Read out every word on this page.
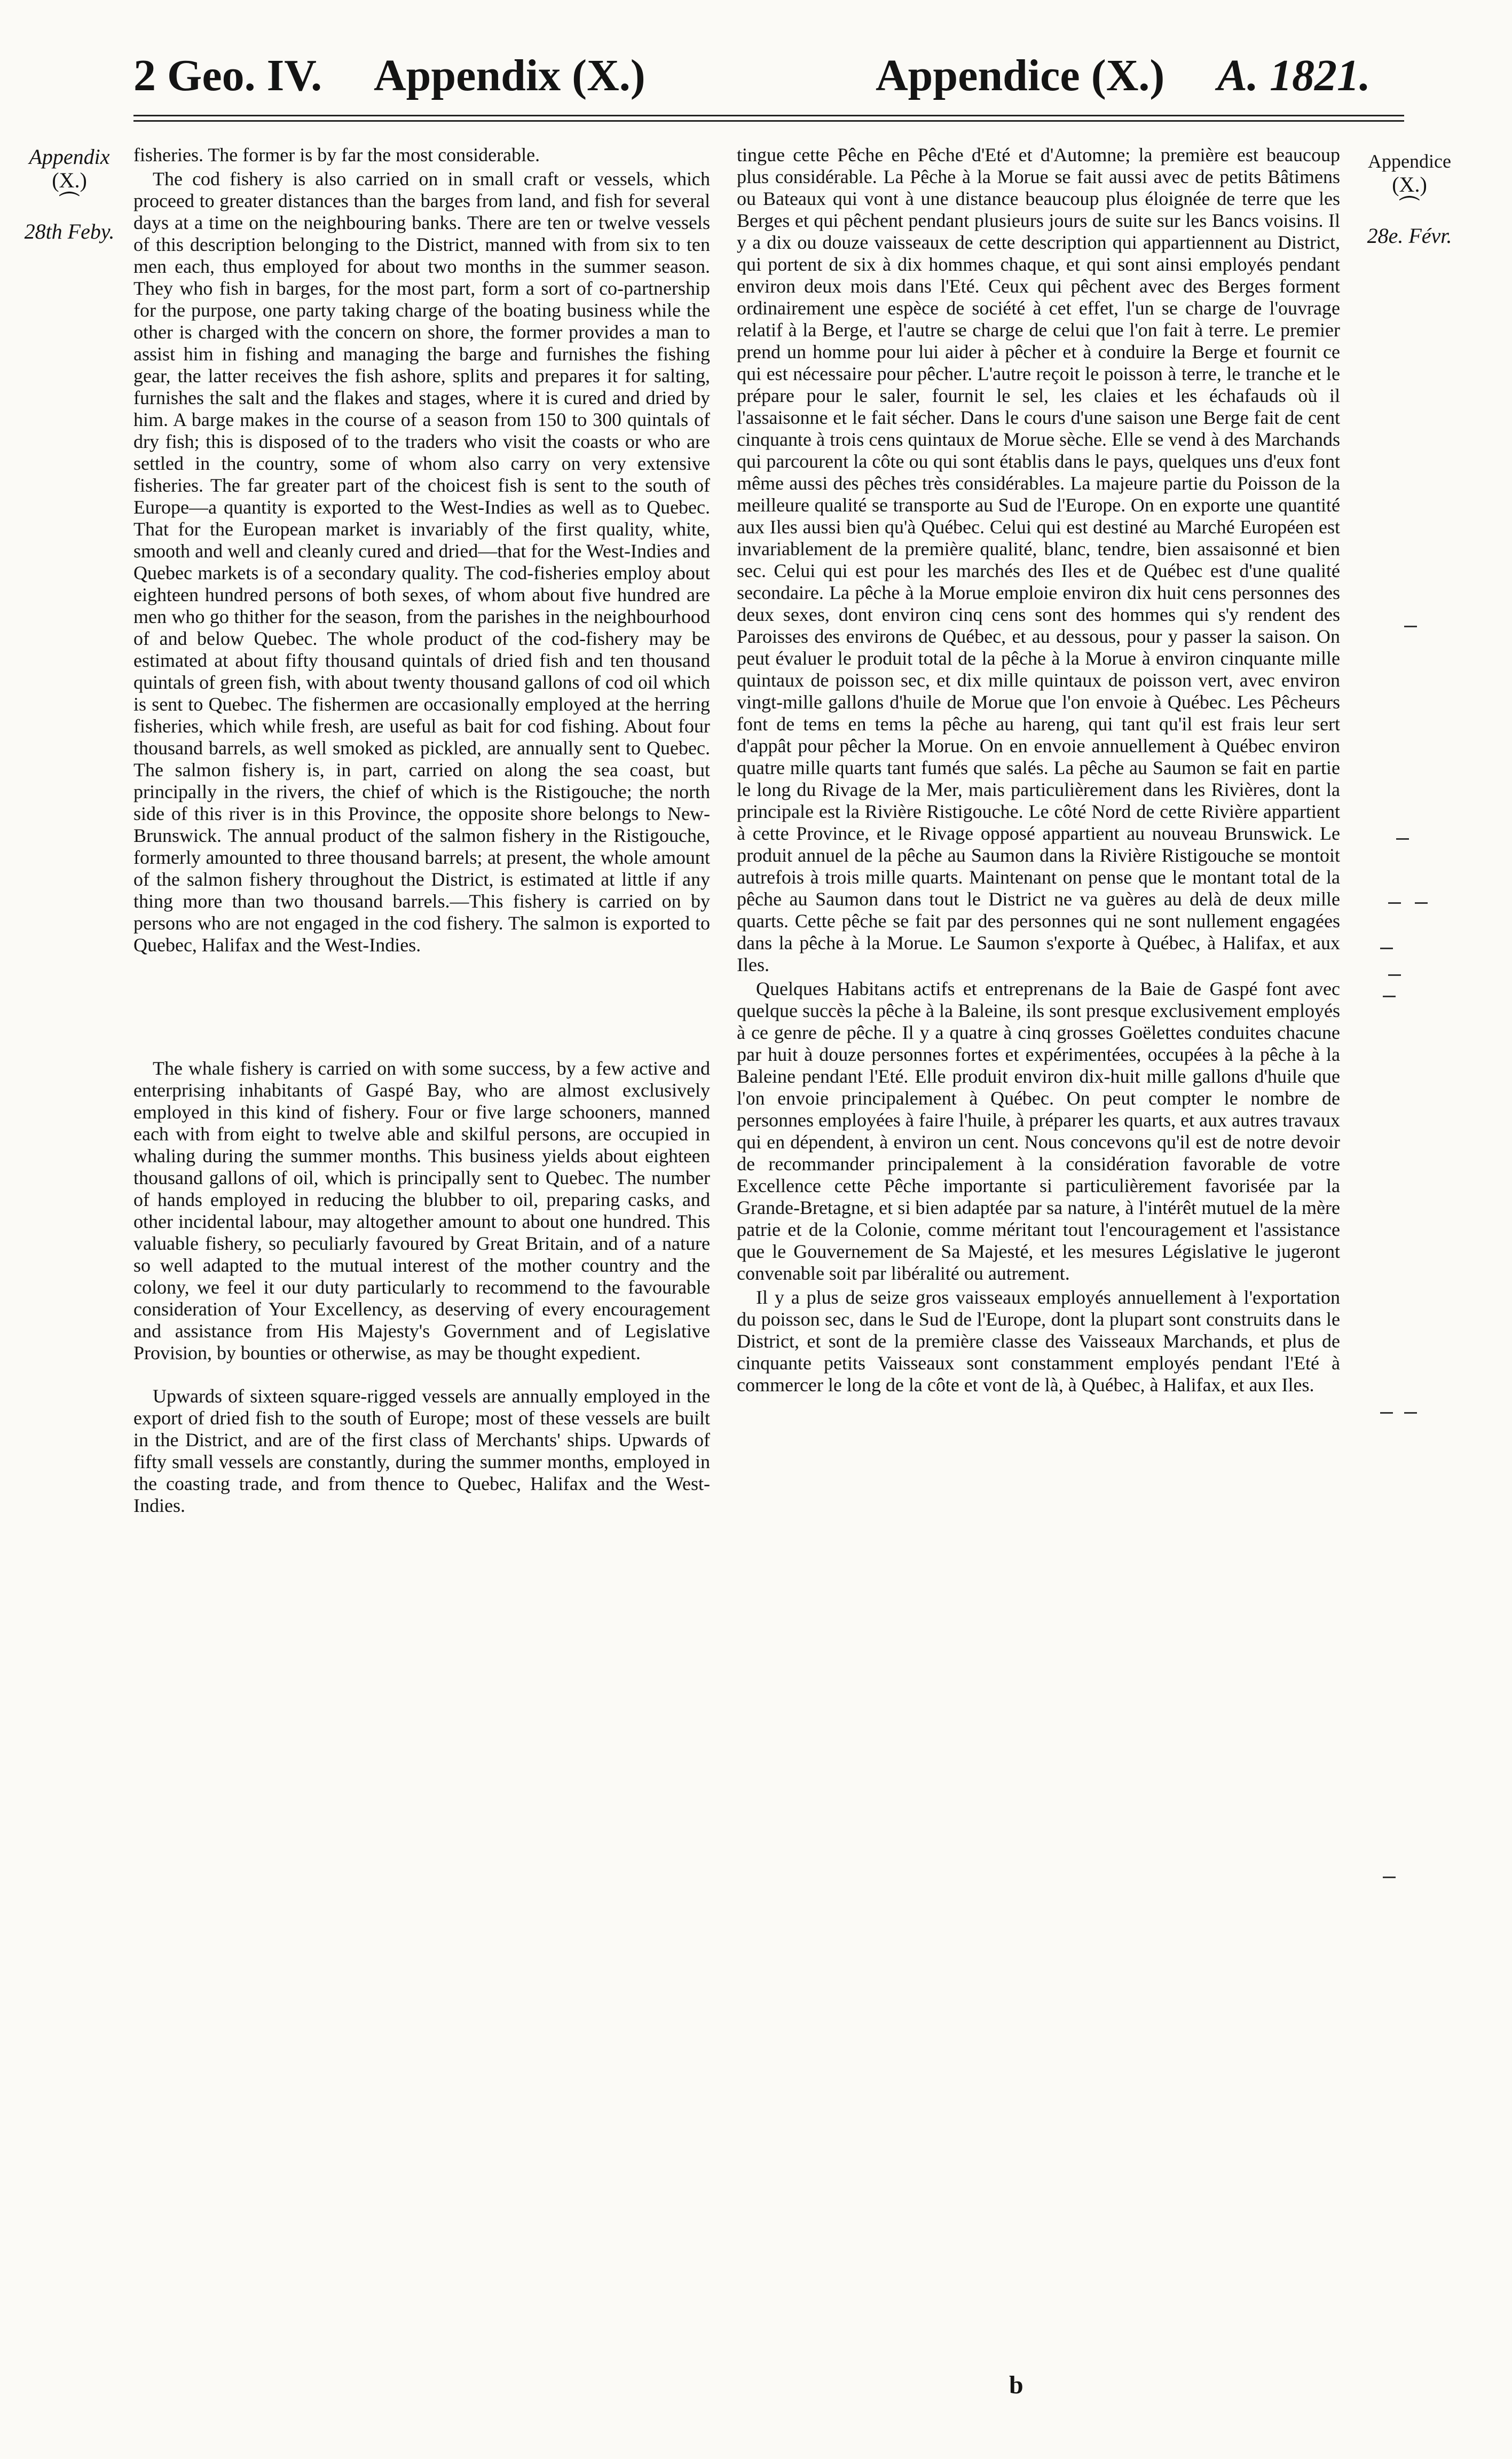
2 Geo. IV. Appendix (X.)	Appendice (X.) A. 1821.
Appendix
(X.)
⏜
28th Feby.
Appendice
(X.)
⏜
28e. Févr.

fisheries. The former is by far the most considerable.

The cod fishery is also carried on in small craft or vessels, which proceed to greater distances than the barges from land, and fish for several days at a time on the neighbouring banks. There are ten or twelve vessels of this description belonging to the District, manned with from six to ten men each, thus employed for about two months in the summer season. They who fish in barges, for the most part, form a sort of co-partnership for the purpose, one party taking charge of the boating business while the other is charged with the concern on shore, the former provides a man to assist him in fishing and managing the barge and furnishes the fishing gear, the latter receives the fish ashore, splits and prepares it for salting, furnishes the salt and the flakes and stages, where it is cured and dried by him. A barge makes in the course of a season from 150 to 300 quintals of dry fish; this is disposed of to the traders who visit the coasts or who are settled in the country, some of whom also carry on very extensive fisheries. The far greater part of the choicest fish is sent to the south of Europe—a quantity is exported to the West-Indies as well as to Quebec. That for the European market is invariably of the first quality, white, smooth and well and cleanly cured and dried—that for the West-Indies and Quebec markets is of a secondary quality. The cod-fisheries employ about eighteen hundred persons of both sexes, of whom about five hundred are men who go thither for the season, from the parishes in the neighbourhood of and below Quebec. The whole product of the cod-fishery may be estimated at about fifty thousand quintals of dried fish and ten thousand quintals of green fish, with about twenty thousand gallons of cod oil which is sent to Quebec. The fishermen are occasionally employed at the herring fisheries, which while fresh, are useful as bait for cod fishing. About four thousand barrels, as well smoked as pickled, are annually sent to Quebec. The salmon fishery is, in part, carried on along the sea coast, but principally in the rivers, the chief of which is the Ristigouche; the north side of this river is in this Province, the opposite shore belongs to New-Brunswick. The annual product of the salmon fishery in the Ristigouche, formerly amounted to three thousand barrels; at present, the whole amount of the salmon fishery throughout the District, is estimated at little if any thing more than two thousand barrels.—This fishery is carried on by persons who are not engaged in the cod fishery. The salmon is exported to Quebec, Halifax and the West-Indies.

The whale fishery is carried on with some success, by a few active and enterprising inhabitants of Gaspé Bay, who are almost exclusively employed in this kind of fishery. Four or five large schooners, manned each with from eight to twelve able and skilful persons, are occupied in whaling during the summer months. This business yields about eighteen thousand gallons of oil, which is principally sent to Quebec. The number of hands employed in reducing the blubber to oil, preparing casks, and other incidental labour, may altogether amount to about one hundred. This valuable fishery, so peculiarly favoured by Great Britain, and of a nature so well adapted to the mutual interest of the mother country and the colony, we feel it our duty particularly to recommend to the favourable consideration of Your Excellency, as deserving of every encouragement and assistance from His Majesty's Government and of Legislative Provision, by bounties or otherwise, as may be thought expedient.

Upwards of sixteen square-rigged vessels are annually employed in the export of dried fish to the south of Europe; most of these vessels are built in the District, and are of the first class of Merchants' ships. Upwards of fifty small vessels are constantly, during the summer months, employed in the coasting trade, and from thence to Quebec, Halifax and the West-Indies.

tingue cette Pêche en Pêche d'Eté et d'Automne; la première est beaucoup plus considérable. La Pêche à la Morue se fait aussi avec de petits Bâtimens ou Bateaux qui vont à une distance beaucoup plus éloignée de terre que les Berges et qui pêchent pendant plusieurs jours de suite sur les Bancs voisins. Il y a dix ou douze vaisseaux de cette description qui appartiennent au District, qui portent de six à dix hommes chaque, et qui sont ainsi employés pendant environ deux mois dans l'Eté. Ceux qui pêchent avec des Berges forment ordinairement une espèce de société à cet effet, l'un se charge de l'ouvrage relatif à la Berge, et l'autre se charge de celui que l'on fait à terre. Le premier prend un homme pour lui aider à pêcher et à conduire la Berge et fournit ce qui est nécessaire pour pêcher. L'autre reçoit le poisson à terre, le tranche et le prépare pour le saler, fournit le sel, les claies et les échafauds où il l'assaisonne et le fait sécher. Dans le cours d'une saison une Berge fait de cent cinquante à trois cens quintaux de Morue sèche. Elle se vend à des Marchands qui parcourent la côte ou qui sont établis dans le pays, quelques uns d'eux font même aussi des pêches très considérables. La majeure partie du Poisson de la meilleure qualité se transporte au Sud de l'Europe. On en exporte une quantité aux Iles aussi bien qu'à Québec. Celui qui est destiné au Marché Européen est invariablement de la première qualité, blanc, tendre, bien assaisonné et bien sec. Celui qui est pour les marchés des Iles et de Québec est d'une qualité secondaire. La pêche à la Morue emploie environ dix huit cens personnes des deux sexes, dont environ cinq cens sont des hommes qui s'y rendent des Paroisses des environs de Québec, et au dessous, pour y passer la saison. On peut évaluer le produit total de la pêche à la Morue à environ cinquante mille quintaux de poisson sec, et dix mille quintaux de poisson vert, avec environ vingt-mille gallons d'huile de Morue que l'on envoie à Québec. Les Pêcheurs font de tems en tems la pêche au hareng, qui tant qu'il est frais leur sert d'appât pour pêcher la Morue. On en envoie annuellement à Québec environ quatre mille quarts tant fumés que salés. La pêche au Saumon se fait en partie le long du Rivage de la Mer, mais particulièrement dans les Rivières, dont la principale est la Rivière Ristigouche. Le côté Nord de cette Rivière appartient à cette Province, et le Rivage opposé appartient au nouveau Brunswick. Le produit annuel de la pêche au Saumon dans la Rivière Ristigouche se montoit autrefois à trois mille quarts. Maintenant on pense que le montant total de la pêche au Saumon dans tout le District ne va guères au delà de deux mille quarts. Cette pêche se fait par des personnes qui ne sont nullement engagées dans la pêche à la Morue. Le Saumon s'exporte à Québec, à Halifax, et aux Iles.

Quelques Habitans actifs et entreprenans de la Baie de Gaspé font avec quelque succès la pêche à la Baleine, ils sont presque exclusivement employés à ce genre de pêche. Il y a quatre à cinq grosses Goëlettes conduites chacune par huit à douze personnes fortes et expérimentées, occupées à la pêche à la Baleine pendant l'Eté. Elle produit environ dix-huit mille gallons d'huile que l'on envoie principalement à Québec. On peut compter le nombre de personnes employées à faire l'huile, à préparer les quarts, et aux autres travaux qui en dépendent, à environ un cent. Nous concevons qu'il est de notre devoir de recommander principalement à la considération favorable de votre Excellence cette Pêche importante si particulièrement favorisée par la Grande-Bretagne, et si bien adaptée par sa nature, à l'intérêt mutuel de la mère patrie et de la Colonie, comme méritant tout l'encouragement et l'assistance que le Gouvernement de Sa Majesté, et les mesures Législative le jugeront convenable soit par libéralité ou autrement.

Il y a plus de seize gros vaisseaux employés annuellement à l'exportation du poisson sec, dans le Sud de l'Europe, dont la plupart sont construits dans le District, et sont de la première classe des Vaisseaux Marchands, et plus de cinquante petits Vaisseaux sont constamment employés pendant l'Eté à commercer le long de la côte et vont de là, à Québec, à Halifax, et aux Iles.

b
